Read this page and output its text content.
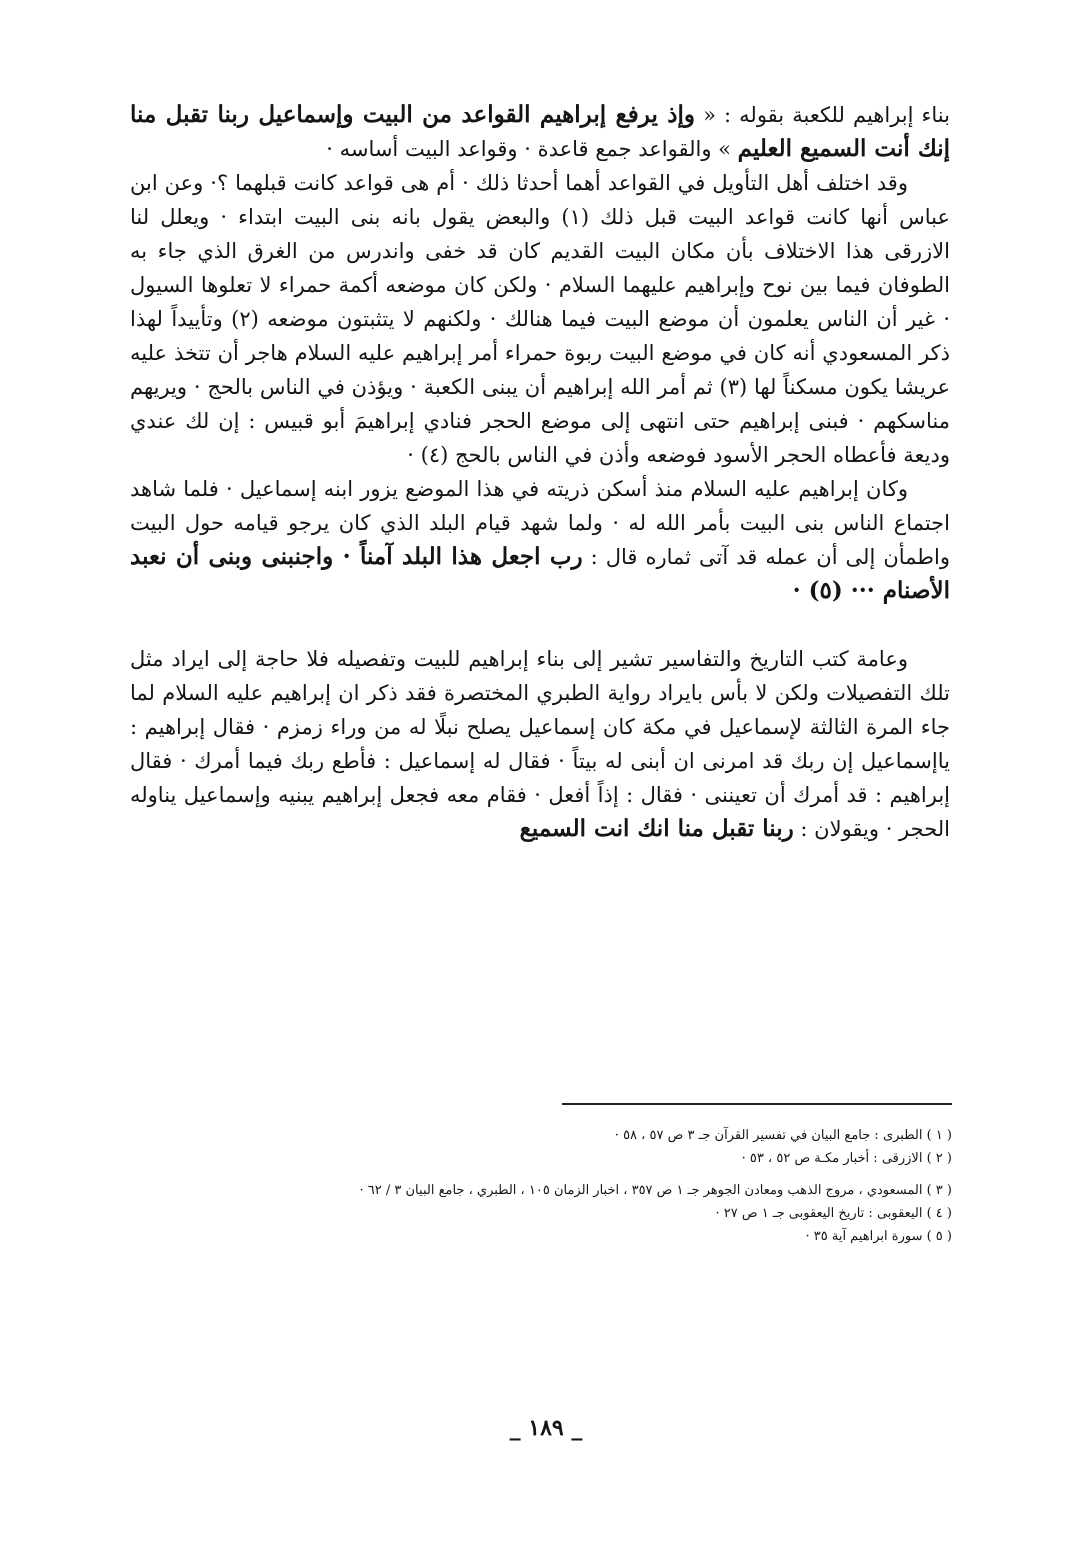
بناء إبراهيم للكعبة بقوله : « وإذ يرفع إبراهيم القواعد من البيت وإسماعيل ربنا تقبل منا إنك أنت السميع العليم » والقواعد جمع قاعدة · وقواعد البيت أساسه ·

وقد اختلف أهل التأويل في القواعد أهما أحدثا ذلك · أم هى قواعد كانت قبلهما ؟· وعن ابن عباس أنها كانت قواعد البيت قبل ذلك (١) والبعض يقول بانه بنى البيت ابتداء · ويعلل لنا الازرقى هذا الاختلاف بأن مكان البيت القديم كان قد خفى واندرس من الغرق الذي جاء به الطوفان فيما بين نوح وإبراهيم عليهما السلام · ولكن كان موضعه أكمة حمراء لا تعلوها السيول · غير أن الناس يعلمون أن موضع البيت فيما هنالك · ولكنهم لا يتثبتون موضعه (٢) وتأييداً لهذا ذكر المسعودي أنه كان في موضع البيت ربوة حمراء أمر إبراهيم عليه السلام هاجر أن تتخذ عليه عريشا يكون مسكناً لها (٣) ثم أمر الله إبراهيم أن يبنى الكعبة · ويؤذن في الناس بالحج · ويريهم مناسكهم · فبنى إبراهيم حتى انتهى إلى موضع الحجر فنادي إبراهيمَ أبو قبيس : إن لك عندي وديعة فأعطاه الحجر الأسود فوضعه وأذن في الناس بالحج (٤) ·

وكان إبراهيم عليه السلام منذ أسكن ذريته في هذا الموضع يزور ابنه إسماعيل · فلما شاهد اجتماع الناس بنى البيت بأمر الله له · ولما شهد قيام البلد الذي كان يرجو قيامه حول البيت واطمأن إلى أن عمله قد آتى ثماره قال : رب اجعل هذا البلد آمناً · واجنبنى وبنى أن نعبد الأصنام ··· (٥) ·

وعامة كتب التاريخ والتفاسير تشير إلى بناء إبراهيم للبيت وتفصيله فلا حاجة إلى ايراد مثل تلك التفصيلات ولكن لا بأس بايراد رواية الطبري المختصرة فقد ذكر ان إبراهيم عليه السلام لما جاء المرة الثالثة لإسماعيل في مكة كان إسماعيل يصلح نبلًا له من وراء زمزم · فقال إبراهيم : ياإسماعيل إن ربك قد امرنى ان أبنى له بيتاً · فقال له إسماعيل : فأطع ربك فيما أمرك · فقال إبراهيم : قد أمرك أن تعيننى · فقال : إذاً أفعل · فقام معه فجعل إبراهيم يبنيه وإسماعيل يناوله الحجر · ويقولان : ربنا تقبل منا انك انت السميع

( ١ ) الطبرى : جامع البيان في تفسير القرآن جـ ٣ ص ٥٧ ، ٥٨ ·

( ٢ ) الازرقى : أخبار مكـة ص ٥٢ ، ٥٣ ·

( ٣ ) المسعودي ، مروج الذهب ومعادن الجوهر جـ ١ ص ٣٥٧ ، اخبار الزمان ١٠٥ ، الطبري ، جامع البيان ٣ / ٦٢ ·

( ٤ ) اليعقوبى : تاريخ اليعقوبى جـ ١ ص ٢٧ ·

( ٥ ) سورة ابراهيم آية ٣٥ ·

_ ١٨٩ _
